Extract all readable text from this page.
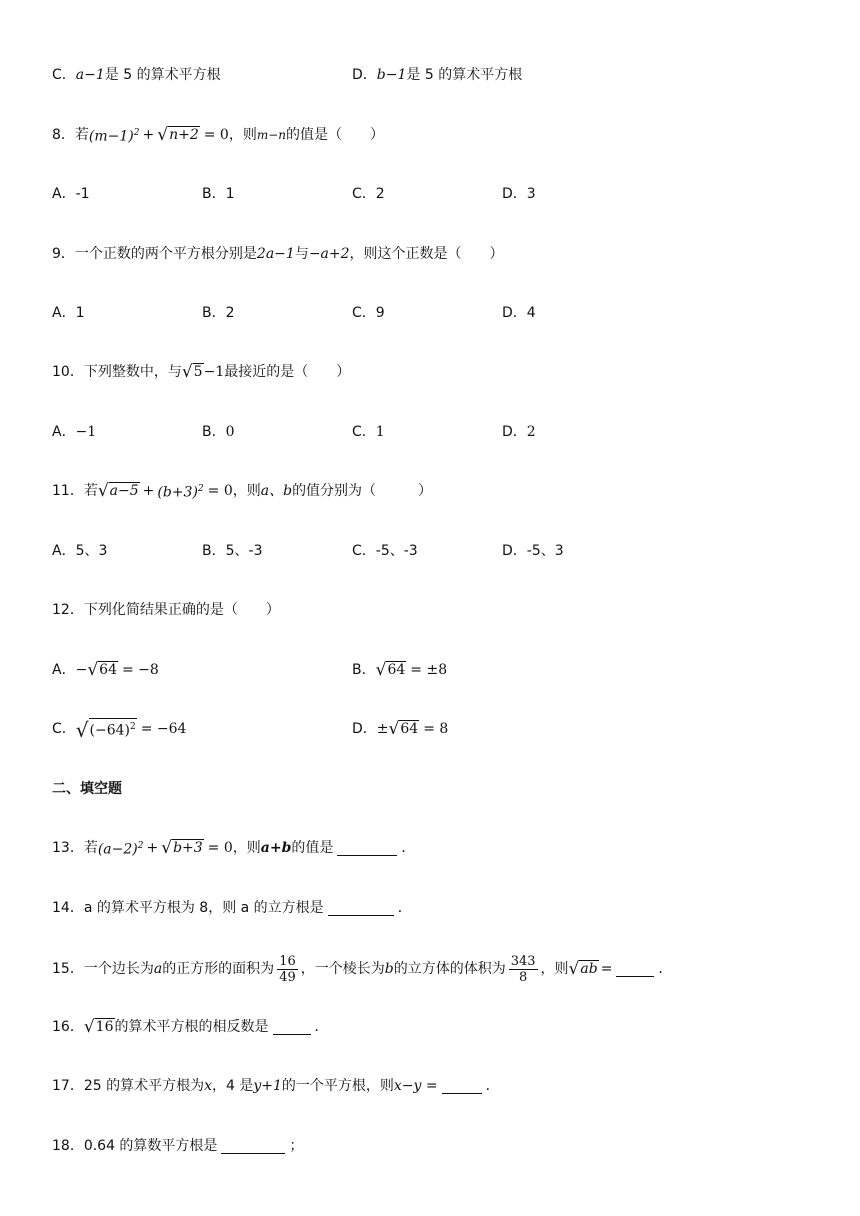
C． a−1 是 5 的算术平方根	D． b−1 是 5 的算术平方根
8．若 $(m-1)^2$ + √ n+2 = 0 ，则 m−n 的值是（　　）
A．-1	B．1	C．2	D．3
9．一个正数的两个平方根分别是 2a−1 与 −a+2 ，则这个正数是（　　）
A．1	B．2	C．9	D．4
10．下列整数中，与 √ 5 −1 最接近的是（　　）
A． −1	B． 0	C． 1	D． 2
11．若 √ $a-5 + (b+3)^2 = 0$ ，则 a、b 的值分别为（　　　）
A．5、3	B．5、-3	C．-5、-3	D．-5、3
12．下列化简结果正确的是（　　）
A． − √ 64 = −8	B． √ 64 = ±8
C． √ $(-64)^2 = -64$	D． ± √ 64 = 8
二、填空题
13．若 $(a-2)^2$ + √ b+3 = 0 ，则 a+b 的值是	．
14．a 的算术平方根为 8，则 a 的立方根是	．
15．一个边长为 a 的正方形的面积为 $\frac{16}{49}$ ，一个棱长为 b 的立方体的体积为 $\frac{343}{8}$ ，则 √ ab =	．
16． √ 16 的算术平方根的相反数是	．
17．25 的算术平方根为 x ，4 是 y+1 的一个平方根，则 x−y =	．
18．0.64 的算数平方根是	；
